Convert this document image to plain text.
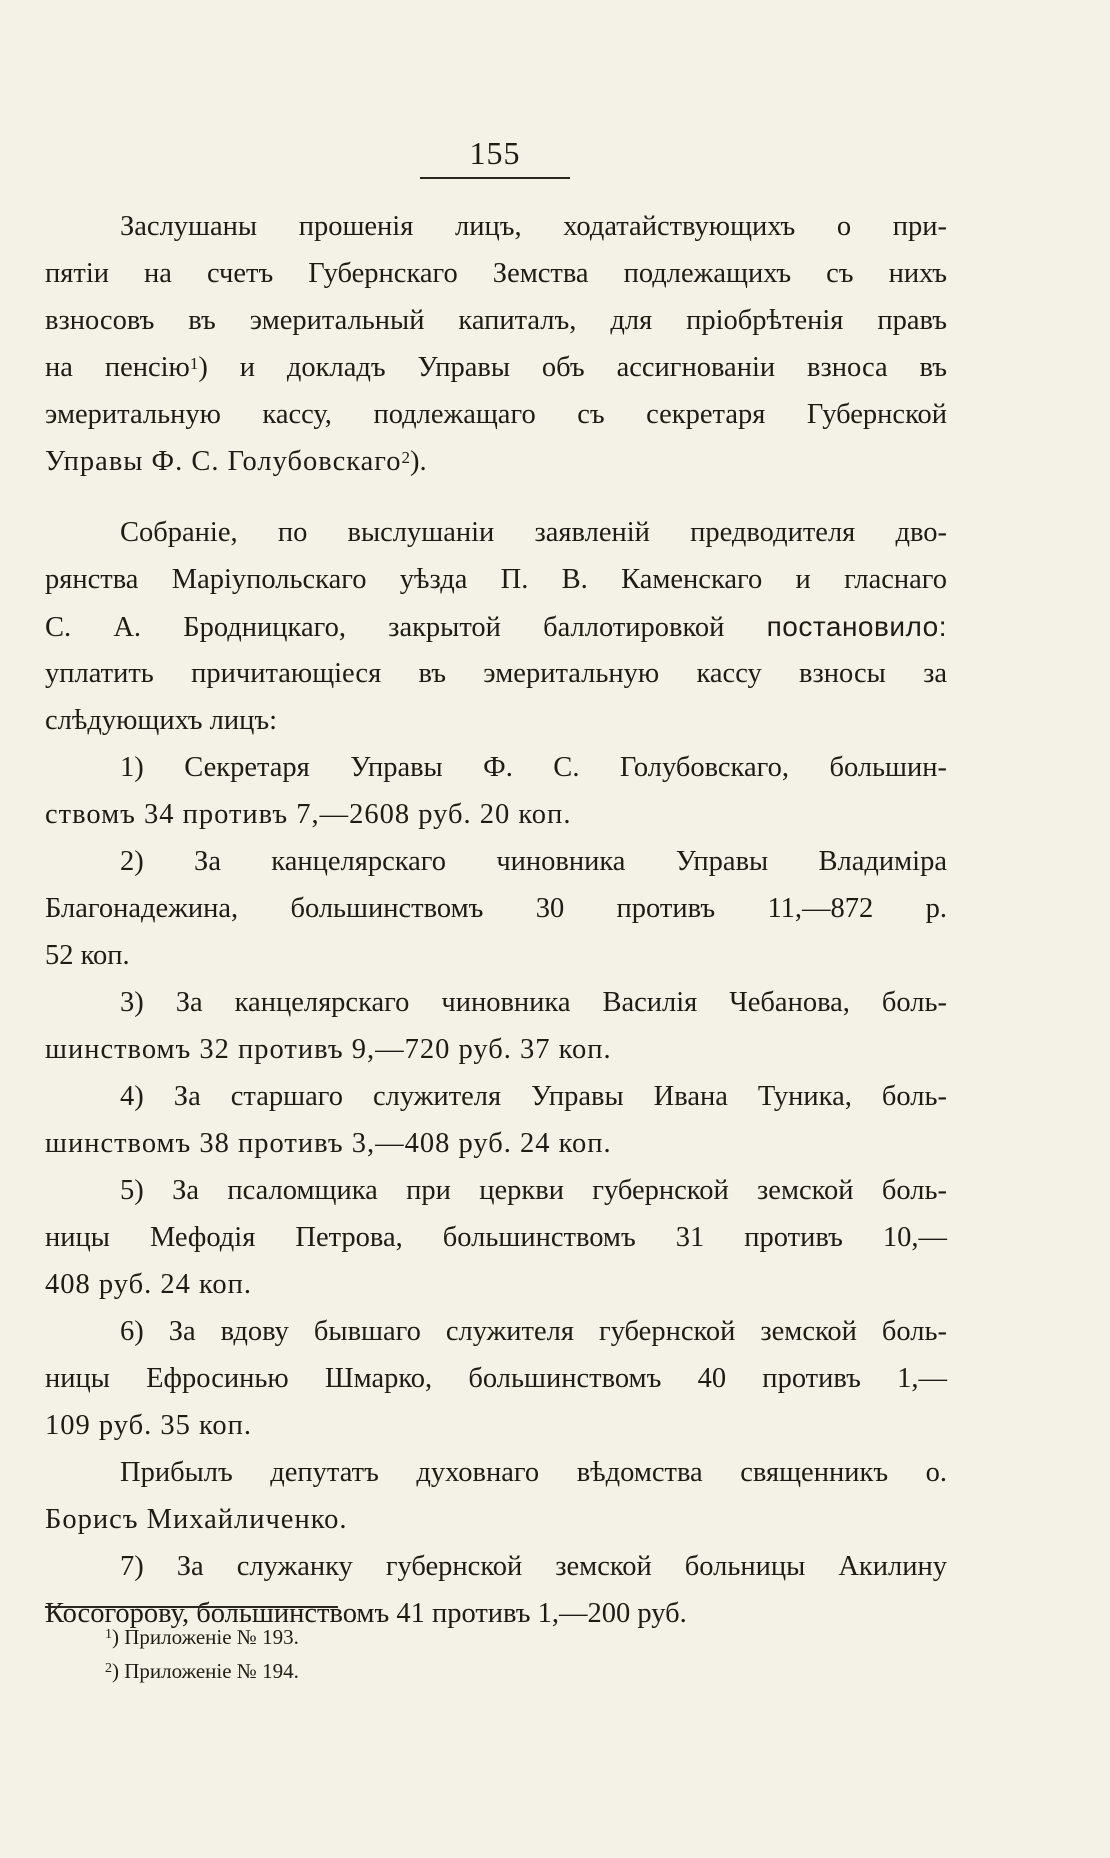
155
Заслушаны прошенія лицъ, ходатайствующихъ о при-
пятіи на счетъ Губернскаго Земства подлежащихъ съ нихъ
взносовъ въ эмеритальный капиталъ, для пріобрѣтенія правъ
на пенсію$^1$) и докладъ Управы объ ассигнованіи взноса въ
эмеритальную кассу, подлежащаго съ секретаря Губернской
Управы Ф. С. Голубовскаго$^2$).
Собраніе, по выслушаніи заявленій предводителя дво-
рянства Маріупольскаго уѣзда П. В. Каменскаго и гласнаго
С. А. Бродницкаго, закрытой баллотировкой постановило:
уплатить причитающіеся въ эмеритальную кассу взносы за
слѣдующихъ лицъ:
1) Секретаря Управы Ф. С. Голубовскаго, большин-
ствомъ 34 противъ 7,—2608 руб. 20 коп.
2) За канцелярскаго чиновника Управы Владиміра
Благонадежина, большинствомъ 30 противъ 11,—872 р.
52 коп.
3) За канцелярскаго чиновника Василія Чебанова, боль-
шинствомъ 32 противъ 9,—720 руб. 37 коп.
4) За старшаго служителя Управы Ивана Туника, боль-
шинствомъ 38 противъ 3,—408 руб. 24 коп.
5) За псаломщика при церкви губернской земской боль-
ницы Мефодія Петрова, большинствомъ 31 противъ 10,—
408 руб. 24 коп.
6) За вдову бывшаго служителя губернской земской боль-
ницы Ефросинью Шмарко, большинствомъ 40 противъ 1,—
109 руб. 35 коп.
Прибылъ депутатъ духовнаго вѣдомства священникъ о.
Борисъ Михайличенко.
7) За служанку губернской земской больницы Акилину
Косогорову, большинствомъ 41 противъ 1,—200 руб.
$^1$) Приложеніе № 193.
$^2$) Приложеніе № 194.
